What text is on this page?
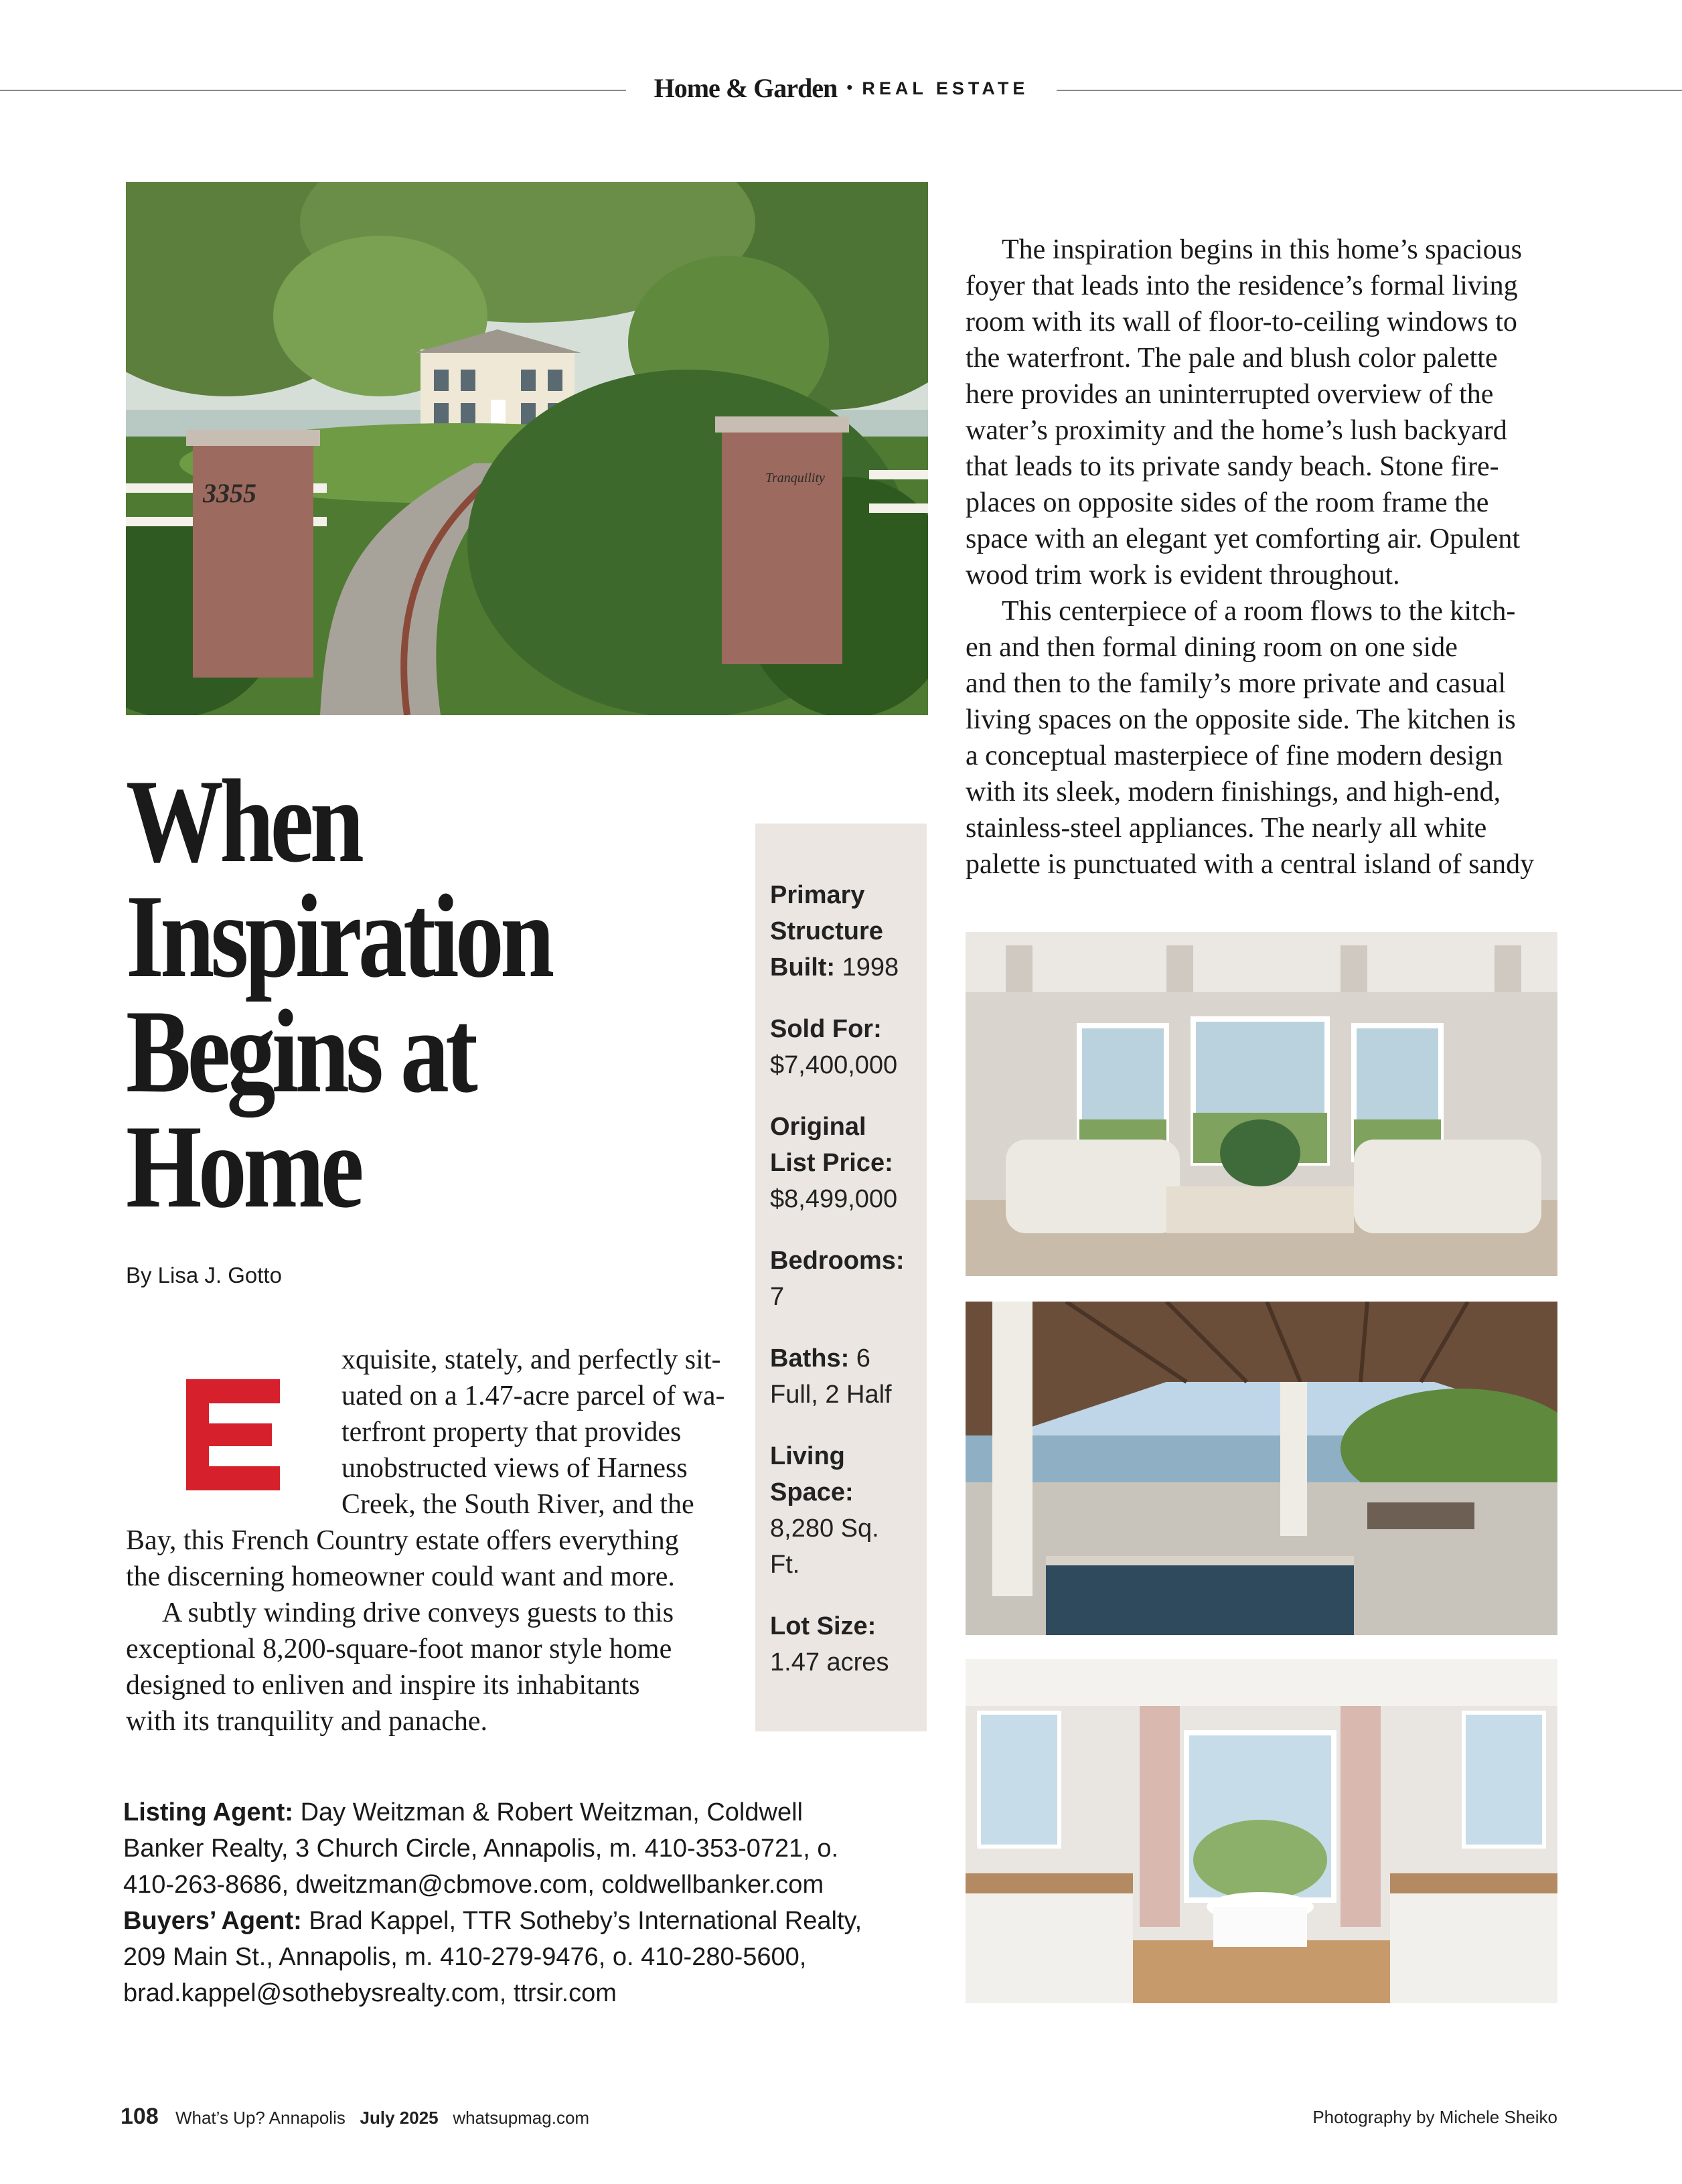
Home & Garden • REAL ESTATE
3355	Tranquility
When
Inspiration
Begins at
Home
By Lisa J. Gotto
xquisite, stately, and perfectly sit-
uated on a 1.47-acre parcel of wa-
terfront property that provides
unobstructed views of Harness
Creek, the South River, and the
Bay, this French Country estate offers everything
the discerning homeowner could want and more.
A subtly winding drive conveys guests to this
exceptional 8,200-square-foot manor style home
designed to enliven and inspire its inhabitants
with its tranquility and panache.
The inspiration begins in this home’s spacious
foyer that leads into the residence’s formal living
room with its wall of floor-to-ceiling windows to
the waterfront. The pale and blush color palette
here provides an uninterrupted overview of the
water’s proximity and the home’s lush backyard
that leads to its private sandy beach. Stone fire-
places on opposite sides of the room frame the
space with an elegant yet comforting air. Opulent
wood trim work is evident throughout.
This centerpiece of a room flows to the kitch-
en and then formal dining room on one side
and then to the family’s more private and casual
living spaces on the opposite side. The kitchen is
a conceptual masterpiece of fine modern design
with its sleek, modern finishings, and high-end,
stainless-steel appliances. The nearly all white
palette is punctuated with a central island of sandy
Primary
Structure
Built: 1998
Sold For:
$7,400,000
Original
List Price:
$8,499,000
Bedrooms:
7
Baths: 6
Full, 2 Half
Living
Space:
8,280 Sq.
Ft.
Lot Size:
1.47 acres
Listing Agent: Day Weitzman & Robert Weitzman, Coldwell
Banker Realty, 3 Church Circle, Annapolis, m. 410-353-0721, o.
410-263-8686, dweitzman@cbmove.com, coldwellbanker.com
Buyers’ Agent: Brad Kappel, TTR Sotheby’s International Realty,
209 Main St., Annapolis, m. 410-279-9476, o. 410-280-5600,
brad.kappel@sothebysrealty.com, ttrsir.com
108 What’s Up? Annapolis July 2025 whatsupmag.com	Photography by Michele Sheiko
